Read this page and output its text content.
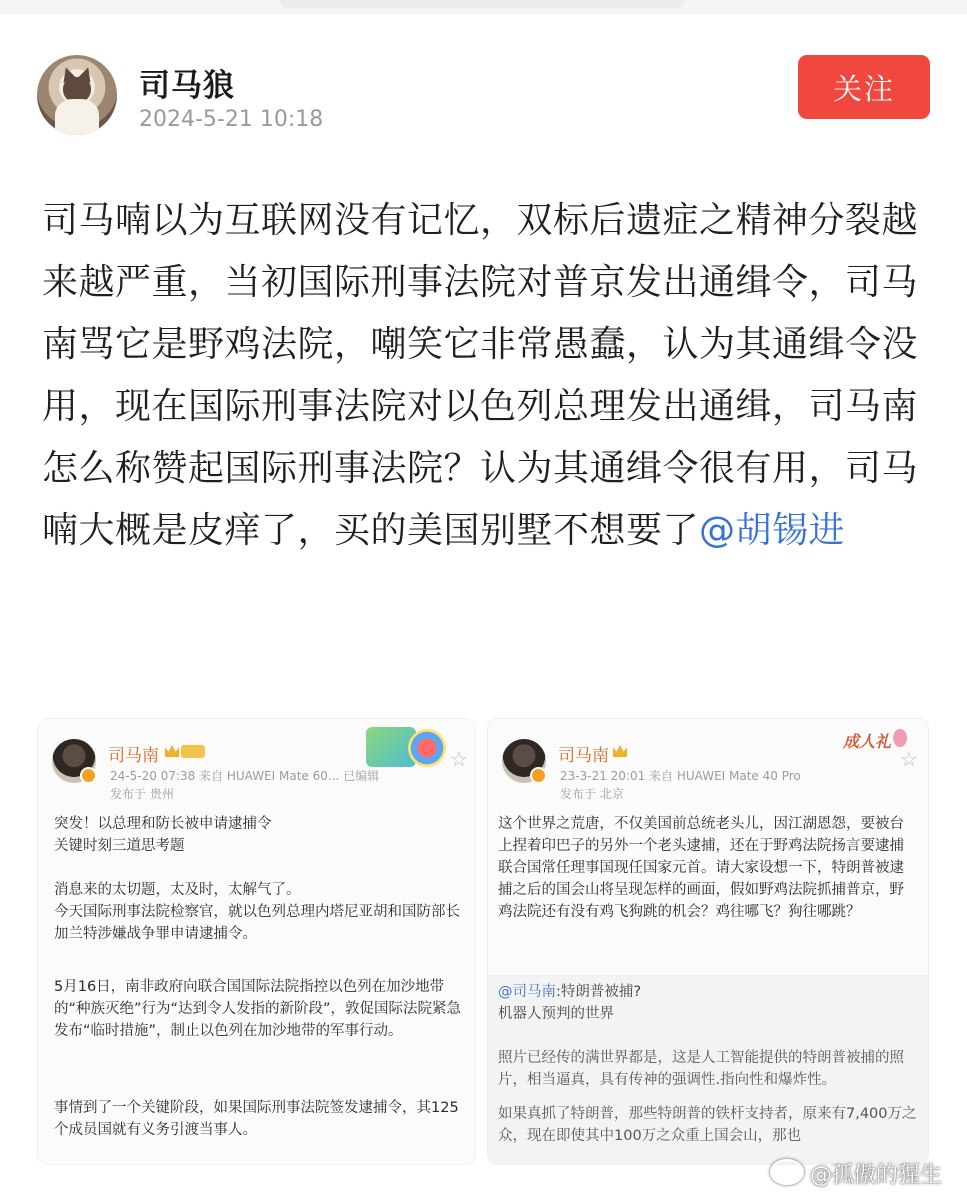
司马狼
2024-5-21 10:18
关注
司马喃以为互联网没有记忆，双标后遗症之精神分裂越来越严重，当初国际刑事法院对普京发出通缉令，司马南骂它是野鸡法院，嘲笑它非常愚蠢，认为其通缉令没用，现在国际刑事法院对以色列总理发出通缉，司马南怎么称赞起国际刑事法院？认为其通缉令很有用，司马喃大概是皮痒了，买的美国别墅不想要了@胡锡进
司马南
24-5-20 07:38 来自 HUAWEI Mate 60... 已编辑
发布于 贵州
☆
突发！以总理和防长被申请逮捕令
关键时刻三道思考题
消息来的太切题，太及时，太解气了。
今天国际刑事法院检察官，就以色列总理内塔尼亚胡和国防部长加兰特涉嫌战争罪申请逮捕令。
5月16日，南非政府向联合国国际法院指控以色列在加沙地带的“种族灭绝”行为“达到令人发指的新阶段”，敦促国际法院紧急发布“临时措施”，制止以色列在加沙地带的军事行动。
事情到了一个关键阶段，如果国际刑事法院签发逮捕令，其125个成员国就有义务引渡当事人。
司马南
23-3-21 20:01 来自 HUAWEI Mate 40 Pro
发布于 北京
成人礼
☆
这个世界之荒唐，不仅美国前总统老头儿，因江湖恩怨，要被台上捏着印巴子的另外一个老头逮捕，还在于野鸡法院扬言要逮捕联合国常任理事国现任国家元首。请大家设想一下，特朗普被逮捕之后的国会山将呈现怎样的画面，假如野鸡法院抓捕普京，野鸡法院还有没有鸡飞狗跳的机会？鸡往哪飞？狗往哪跳？
@司马南:特朗普被捕?
机器人预判的世界
照片已经传的满世界都是，这是人工智能提供的特朗普被捕的照片，相当逼真，具有传神的强调性.指向性和爆炸性。
如果真抓了特朗普，那些特朗普的铁杆支持者，原来有7,400万之众，现在即使其中100万之众重上国会山，那也
@孤傲的猩生
